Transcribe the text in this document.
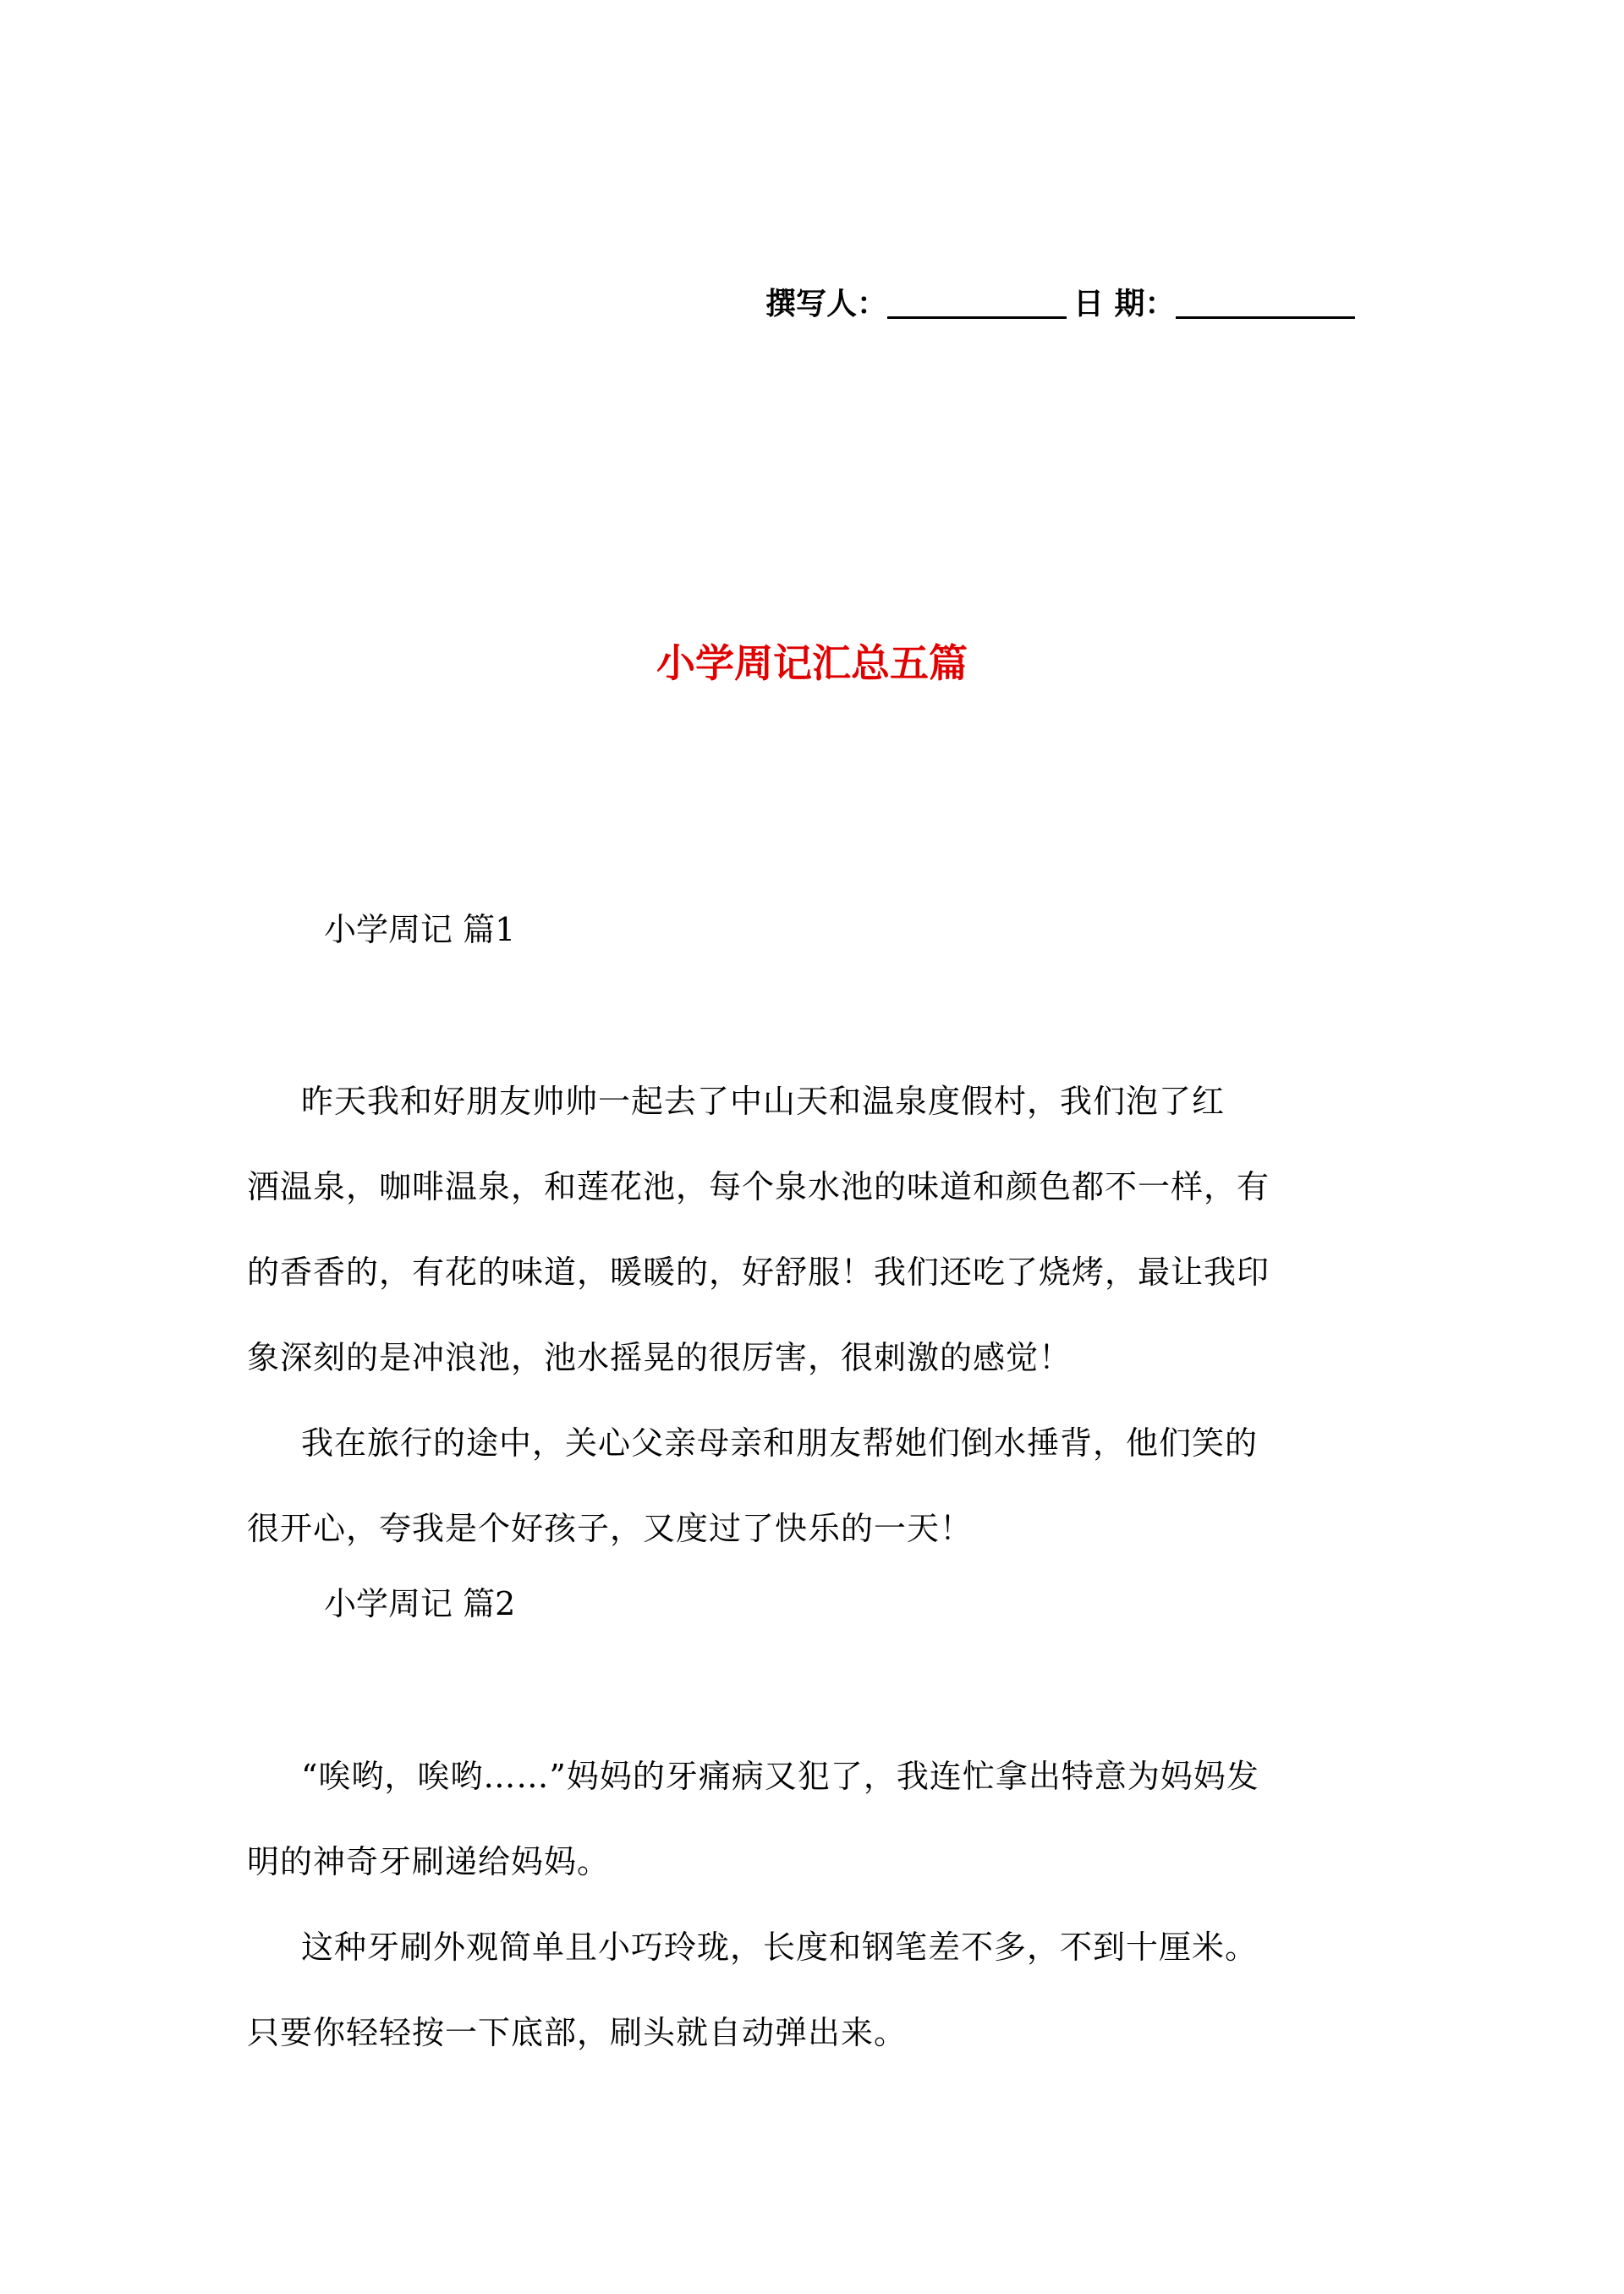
撰写人：	日 期：
小学周记汇总五篇
小学周记 篇1
昨天我和好朋友帅帅一起去了中山天和温泉度假村，我们泡了红
酒温泉，咖啡温泉，和莲花池，每个泉水池的味道和颜色都不一样，有
的香香的，有花的味道，暖暖的，好舒服！我们还吃了烧烤，最让我印
象深刻的是冲浪池，池水摇晃的很厉害，很刺激的感觉！
我在旅行的途中，关心父亲母亲和朋友帮她们倒水捶背，他们笑的
很开心，夸我是个好孩子，又度过了快乐的一天！
小学周记 篇2
“唉哟，唉哟……”妈妈的牙痛病又犯了，我连忙拿出特意为妈妈发
明的神奇牙刷递给妈妈。
这种牙刷外观简单且小巧玲珑，长度和钢笔差不多，不到十厘米。
只要你轻轻按一下底部，刷头就自动弹出来。
